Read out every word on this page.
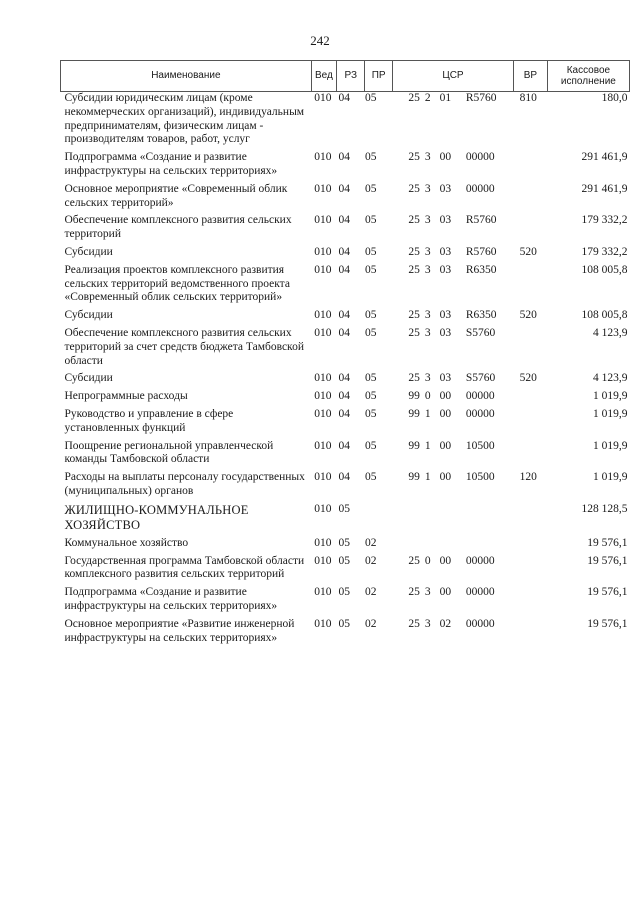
242
Наименование	Вед	РЗ	ПР	ЦСР				ВР	Кассовое исполнение
Субсидии юридическим лицам (кроме некоммерческих организаций), индивидуальным предпринимателям, физическим лицам - производителям товаров, работ, услуг	010	04	05	25	2	01	R5760	810	180,0
Подпрограмма «Создание и развитие инфраструктуры на сельских территориях»	010	04	05	25	3	00	00000		291 461,9
Основное мероприятие «Современный облик сельских территорий»	010	04	05	25	3	03	00000		291 461,9
Обеспечение комплексного развития сельских территорий	010	04	05	25	3	03	R5760		179 332,2
Субсидии	010	04	05	25	3	03	R5760	520	179 332,2
Реализация проектов комплексного развития сельских территорий ведомственного проекта «Современный облик сельских территорий»	010	04	05	25	3	03	R6350		108 005,8
Субсидии	010	04	05	25	3	03	R6350	520	108 005,8
Обеспечение комплексного развития сельских территорий за счет средств бюджета Тамбовской области	010	04	05	25	3	03	S5760		4 123,9
Субсидии	010	04	05	25	3	03	S5760	520	4 123,9
Непрограммные расходы	010	04	05	99	0	00	00000		1 019,9
Руководство и управление в сфере установленных функций	010	04	05	99	1	00	00000		1 019,9
Поощрение региональной управленческой команды Тамбовской области	010	04	05	99	1	00	10500		1 019,9
Расходы на выплаты персоналу государственных (муниципальных) органов	010	04	05	99	1	00	10500	120	1 019,9
ЖИЛИЩНО-КОММУНАЛЬНОЕ ХОЗЯЙСТВО	010	05							128 128,5
Коммунальное хозяйство	010	05	02						19 576,1
Государственная программа Тамбовской области комплексного развития сельских территорий	010	05	02	25	0	00	00000		19 576,1
Подпрограмма «Создание и развитие инфраструктуры на сельских территориях»	010	05	02	25	3	00	00000		19 576,1
Основное мероприятие «Развитие инженерной инфраструктуры на сельских территориях»	010	05	02	25	3	02	00000		19 576,1
